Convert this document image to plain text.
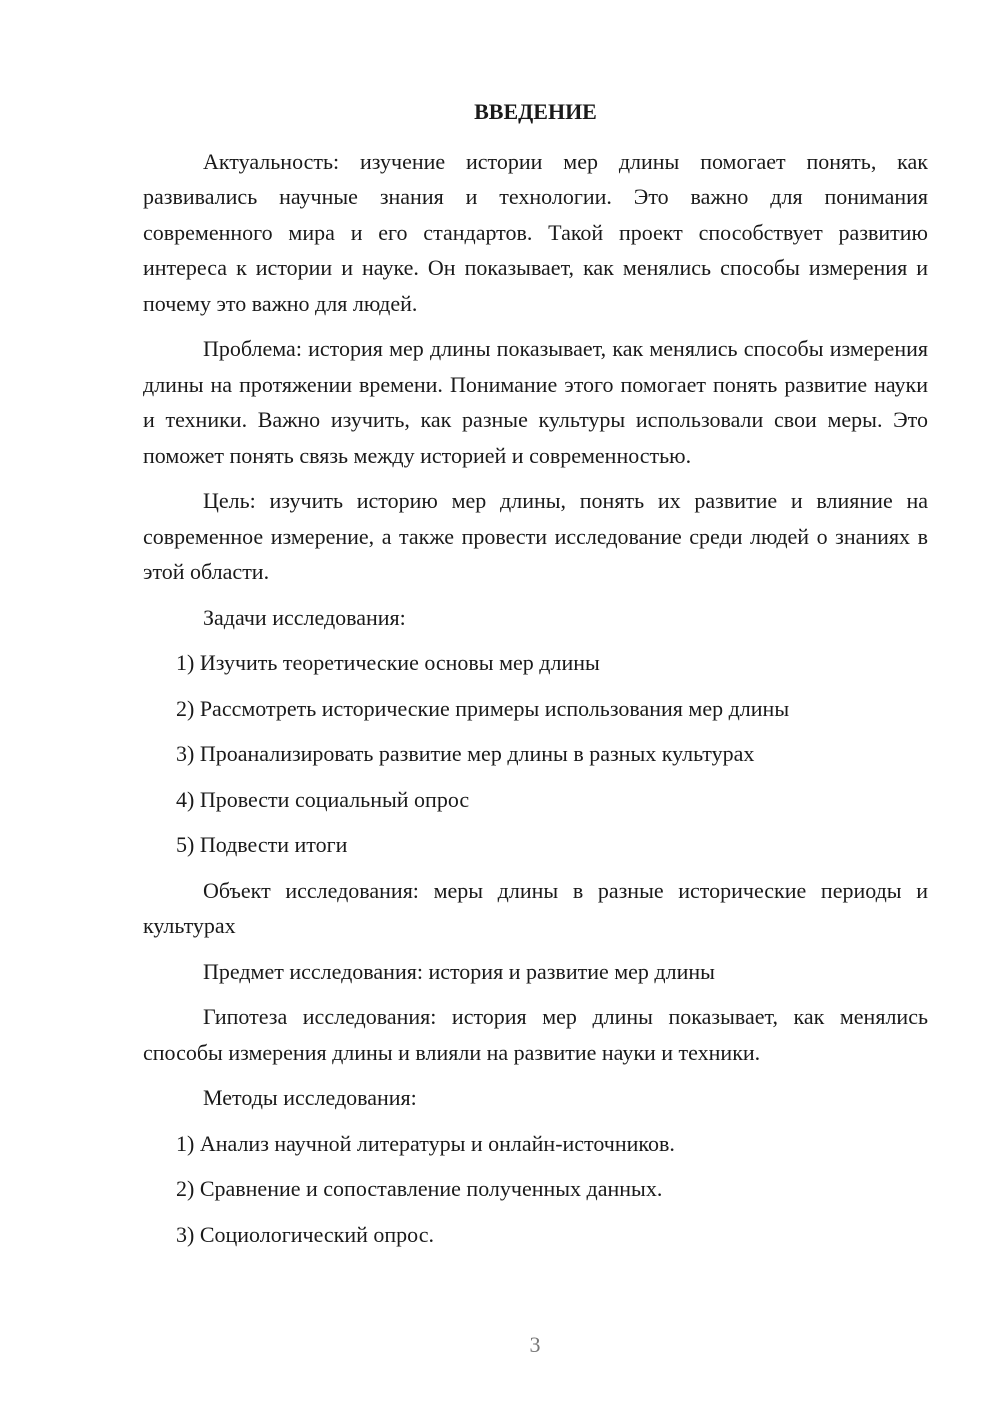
ВВЕДЕНИЕ

Актуальность: изучение истории мер длины помогает понять, как развивались научные знания и технологии. Это важно для понимания современного мира и его стандартов. Такой проект способствует развитию интереса к истории и науке. Он показывает, как менялись способы измерения и почему это важно для людей.

Проблема: история мер длины показывает, как менялись способы измерения длины на протяжении времени. Понимание этого помогает понять развитие науки и техники. Важно изучить, как разные культуры использовали свои меры. Это поможет понять связь между историей и современностью.

Цель: изучить историю мер длины, понять их развитие и влияние на современное измерение, а также провести исследование среди людей о знаниях в этой области.

Задачи исследования:

1) Изучить теоретические основы мер длины

2) Рассмотреть исторические примеры использования мер длины

3) Проанализировать развитие мер длины в разных культурах

4) Провести социальный опрос

5) Подвести итоги

Объект исследования: меры длины в разные исторические периоды и культурах

Предмет исследования: история и развитие мер длины

Гипотеза исследования: история мер длины показывает, как менялись способы измерения длины и влияли на развитие науки и техники.

Методы исследования:

1) Анализ научной литературы и онлайн-источников.

2) Сравнение и сопоставление полученных данных.

3) Социологический опрос.

3
